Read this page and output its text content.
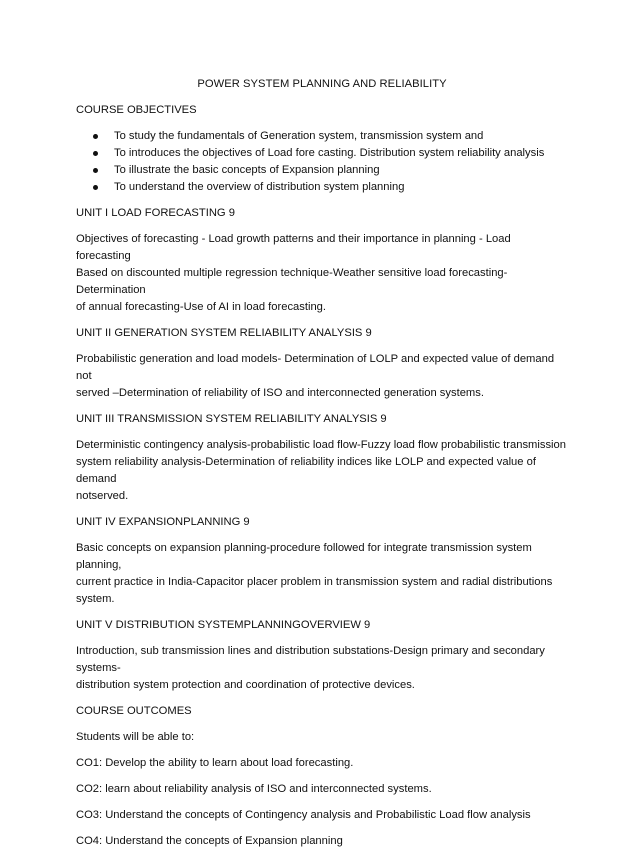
POWER SYSTEM PLANNING AND RELIABILITY
COURSE OBJECTIVES
To study the fundamentals of Generation system, transmission system and
To introduces the objectives of Load fore casting. Distribution system reliability analysis
To illustrate the basic concepts of Expansion planning
To understand the overview of distribution system planning
UNIT I LOAD FORECASTING 9
Objectives of forecasting - Load growth patterns and their importance in planning - Load forecasting
Based on discounted multiple regression technique-Weather sensitive load forecasting- Determination
of annual forecasting-Use of AI in load forecasting.
UNIT II GENERATION SYSTEM RELIABILITY ANALYSIS 9
Probabilistic generation and load models- Determination of LOLP and expected value of demand not
served –Determination of reliability of ISO and interconnected generation systems.
UNIT III TRANSMISSION SYSTEM RELIABILITY ANALYSIS 9
Deterministic contingency analysis-probabilistic load flow-Fuzzy load flow probabilistic transmission
system reliability analysis-Determination of reliability indices like LOLP and expected value of demand
notserved.
UNIT IV EXPANSIONPLANNING 9
Basic concepts on expansion planning-procedure followed for integrate transmission system planning,
current practice in India-Capacitor placer problem in transmission system and radial distributions
system.
UNIT V DISTRIBUTION SYSTEMPLANNINGOVERVIEW 9
Introduction, sub transmission lines and distribution substations-Design primary and secondary systems-
distribution system protection and coordination of protective devices.
COURSE OUTCOMES
Students will be able to:
CO1: Develop the ability to learn about load forecasting.
CO2: learn about reliability analysis of ISO and interconnected systems.
CO3: Understand the concepts of Contingency analysis and Probabilistic Load flow analysis
CO4: Understand the concepts of Expansion planning
